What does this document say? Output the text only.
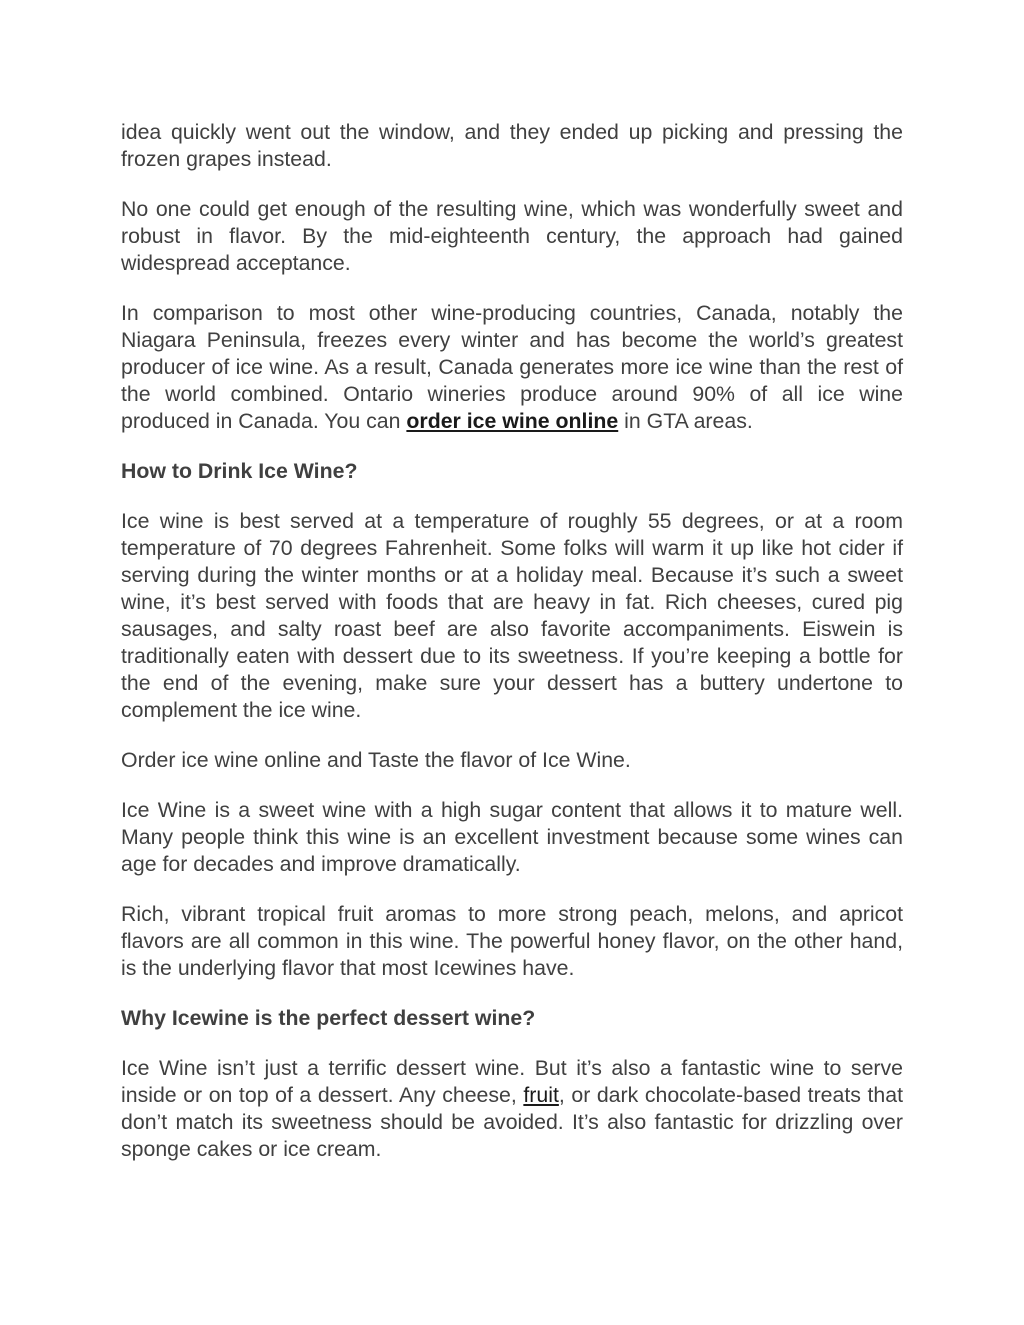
idea quickly went out the window, and they ended up picking and pressing the frozen grapes instead.

No one could get enough of the resulting wine, which was wonderfully sweet and robust in flavor. By the mid-eighteenth century, the approach had gained widespread acceptance.

In comparison to most other wine-producing countries, Canada, notably the Niagara Peninsula, freezes every winter and has become the world’s greatest producer of ice wine. As a result, Canada generates more ice wine than the rest of the world combined. Ontario wineries produce around 90% of all ice wine produced in Canada. You can order ice wine online in GTA areas.

How to Drink Ice Wine?

Ice wine is best served at a temperature of roughly 55 degrees, or at a room temperature of 70 degrees Fahrenheit. Some folks will warm it up like hot cider if serving during the winter months or at a holiday meal. Because it’s such a sweet wine, it’s best served with foods that are heavy in fat. Rich cheeses, cured pig sausages, and salty roast beef are also favorite accompaniments. Eiswein is traditionally eaten with dessert due to its sweetness. If you’re keeping a bottle for the end of the evening, make sure your dessert has a buttery undertone to complement the ice wine.

Order ice wine online and Taste the flavor of Ice Wine.

Ice Wine is a sweet wine with a high sugar content that allows it to mature well. Many people think this wine is an excellent investment because some wines can age for decades and improve dramatically.

Rich, vibrant tropical fruit aromas to more strong peach, melons, and apricot flavors are all common in this wine. The powerful honey flavor, on the other hand, is the underlying flavor that most Icewines have.

Why Icewine is the perfect dessert wine?

Ice Wine isn’t just a terrific dessert wine. But it’s also a fantastic wine to serve inside or on top of a dessert. Any cheese, fruit, or dark chocolate-based treats that don’t match its sweetness should be avoided. It’s also fantastic for drizzling over sponge cakes or ice cream.
